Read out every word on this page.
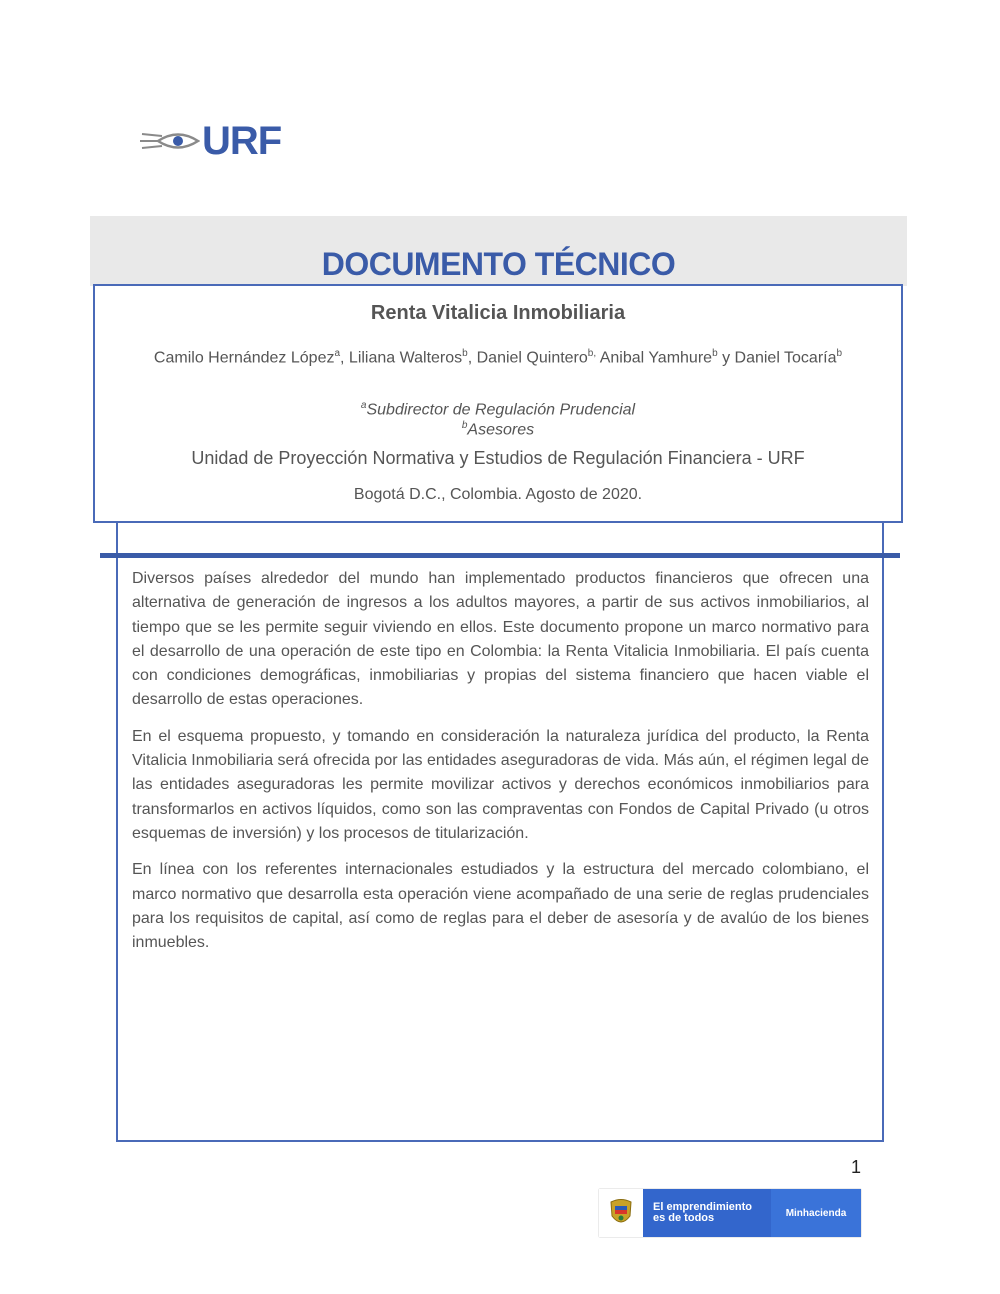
URF
DOCUMENTO TÉCNICO
Renta Vitalicia Inmobiliaria
Camilo Hernández López$^a$, Liliana Walteros$^b$, Daniel Quintero$^{b,}$ Anibal Yamhure$^b$ y Daniel Tocaría$^b$
$^a$Subdirector de Regulación Prudencial
$^b$Asesores
Unidad de Proyección Normativa y Estudios de Regulación Financiera - URF
Bogotá D.C., Colombia. Agosto de 2020.

Diversos países alrededor del mundo han implementado productos financieros que ofrecen una alternativa de generación de ingresos a los adultos mayores, a partir de sus activos inmobiliarios, al tiempo que se les permite seguir viviendo en ellos. Este documento propone un marco normativo para el desarrollo de una operación de este tipo en Colombia: la Renta Vitalicia Inmobiliaria. El país cuenta con condiciones demográficas, inmobiliarias y propias del sistema financiero que hacen viable el desarrollo de estas operaciones.

En el esquema propuesto, y tomando en consideración la naturaleza jurídica del producto, la Renta Vitalicia Inmobiliaria será ofrecida por las entidades aseguradoras de vida. Más aún, el régimen legal de las entidades aseguradoras les permite movilizar activos y derechos económicos inmobiliarios para transformarlos en activos líquidos, como son las compraventas con Fondos de Capital Privado (u otros esquemas de inversión) y los procesos de titularización.

En línea con los referentes internacionales estudiados y la estructura del mercado colombiano, el marco normativo que desarrolla esta operación viene acompañado de una serie de reglas prudenciales para los requisitos de capital, así como de reglas para el deber de asesoría y de avalúo de los bienes inmuebles.

1
El emprendimiento
es de todos	Minhacienda
